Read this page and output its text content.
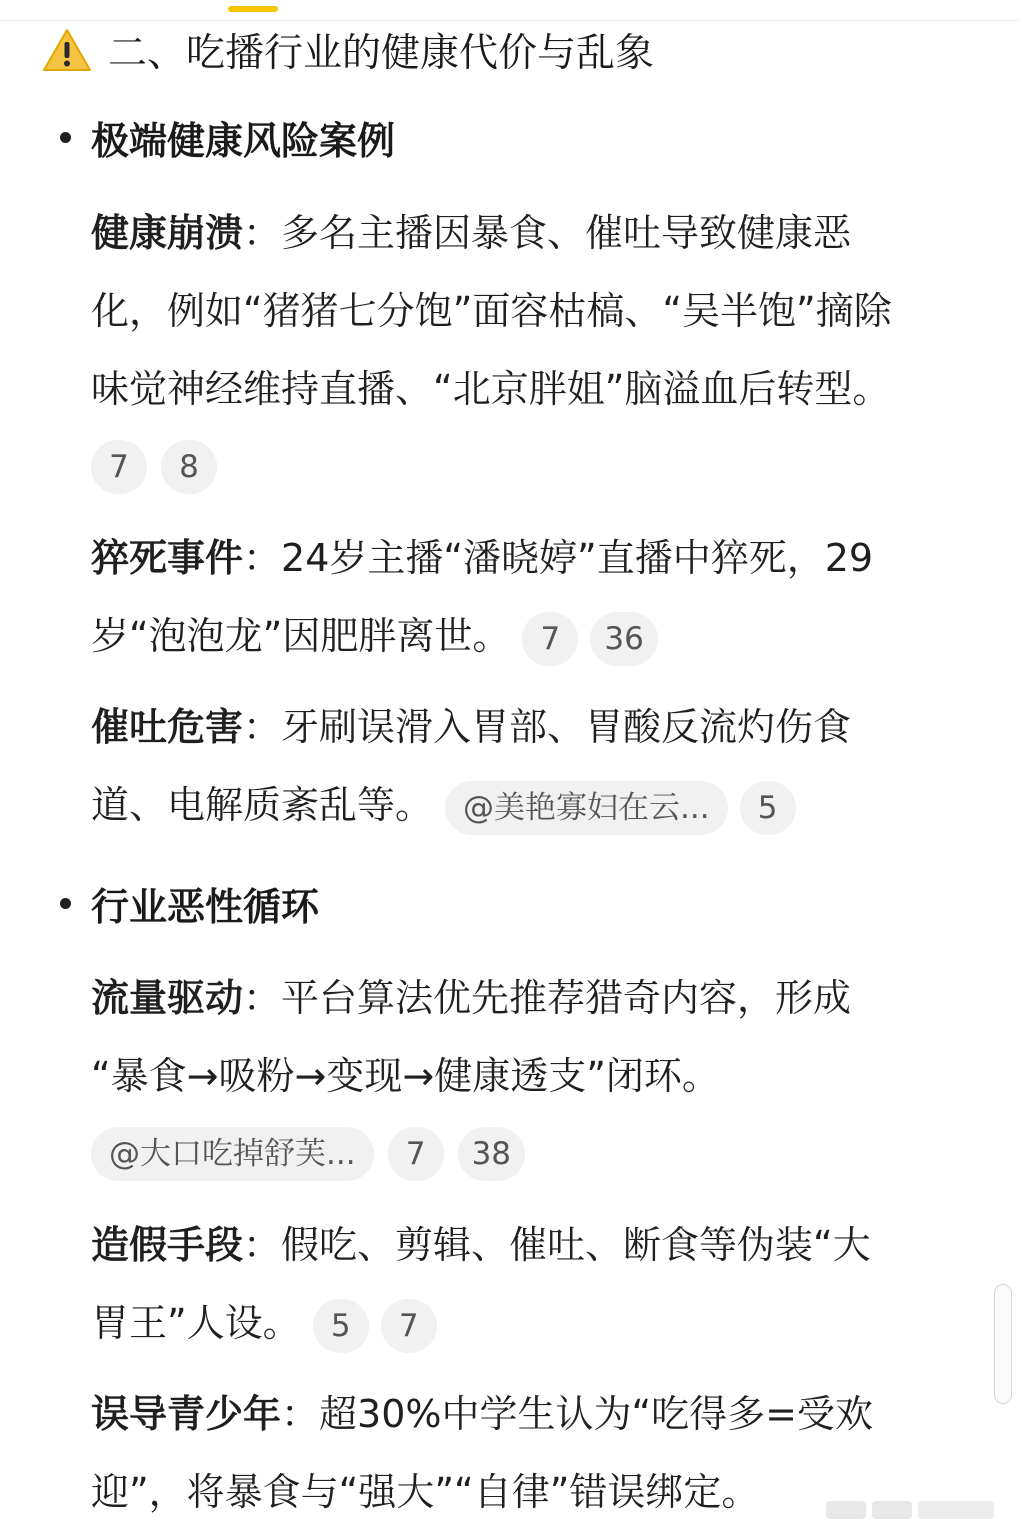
二、吃播行业的健康代价与乱象
极端健康风险案例
健康崩溃：多名主播因暴食、催吐导致健康恶
化，例如“猪猪七分饱”面容枯槁、“吴半饱”摘除
味觉神经维持直播、“北京胖姐”脑溢血后转型。
7	8
猝死事件：24岁主播“潘晓婷”直播中猝死，29
岁“泡泡龙”因肥胖离世。 7 36
催吐危害：牙刷误滑入胃部、胃酸反流灼伤食
道、电解质紊乱等。 @美艳寡妇在云... 5
行业恶性循环
流量驱动：平台算法优先推荐猎奇内容，形成
“暴食→吸粉→变现→健康透支”闭环。
@大口吃掉舒芙...	7	38
造假手段：假吃、剪辑、催吐、断食等伪装“大
胃王”人设。 5 7
误导青少年：超30%中学生认为“吃得多=受欢
迎”，将暴食与“强大”“自律”错误绑定。
